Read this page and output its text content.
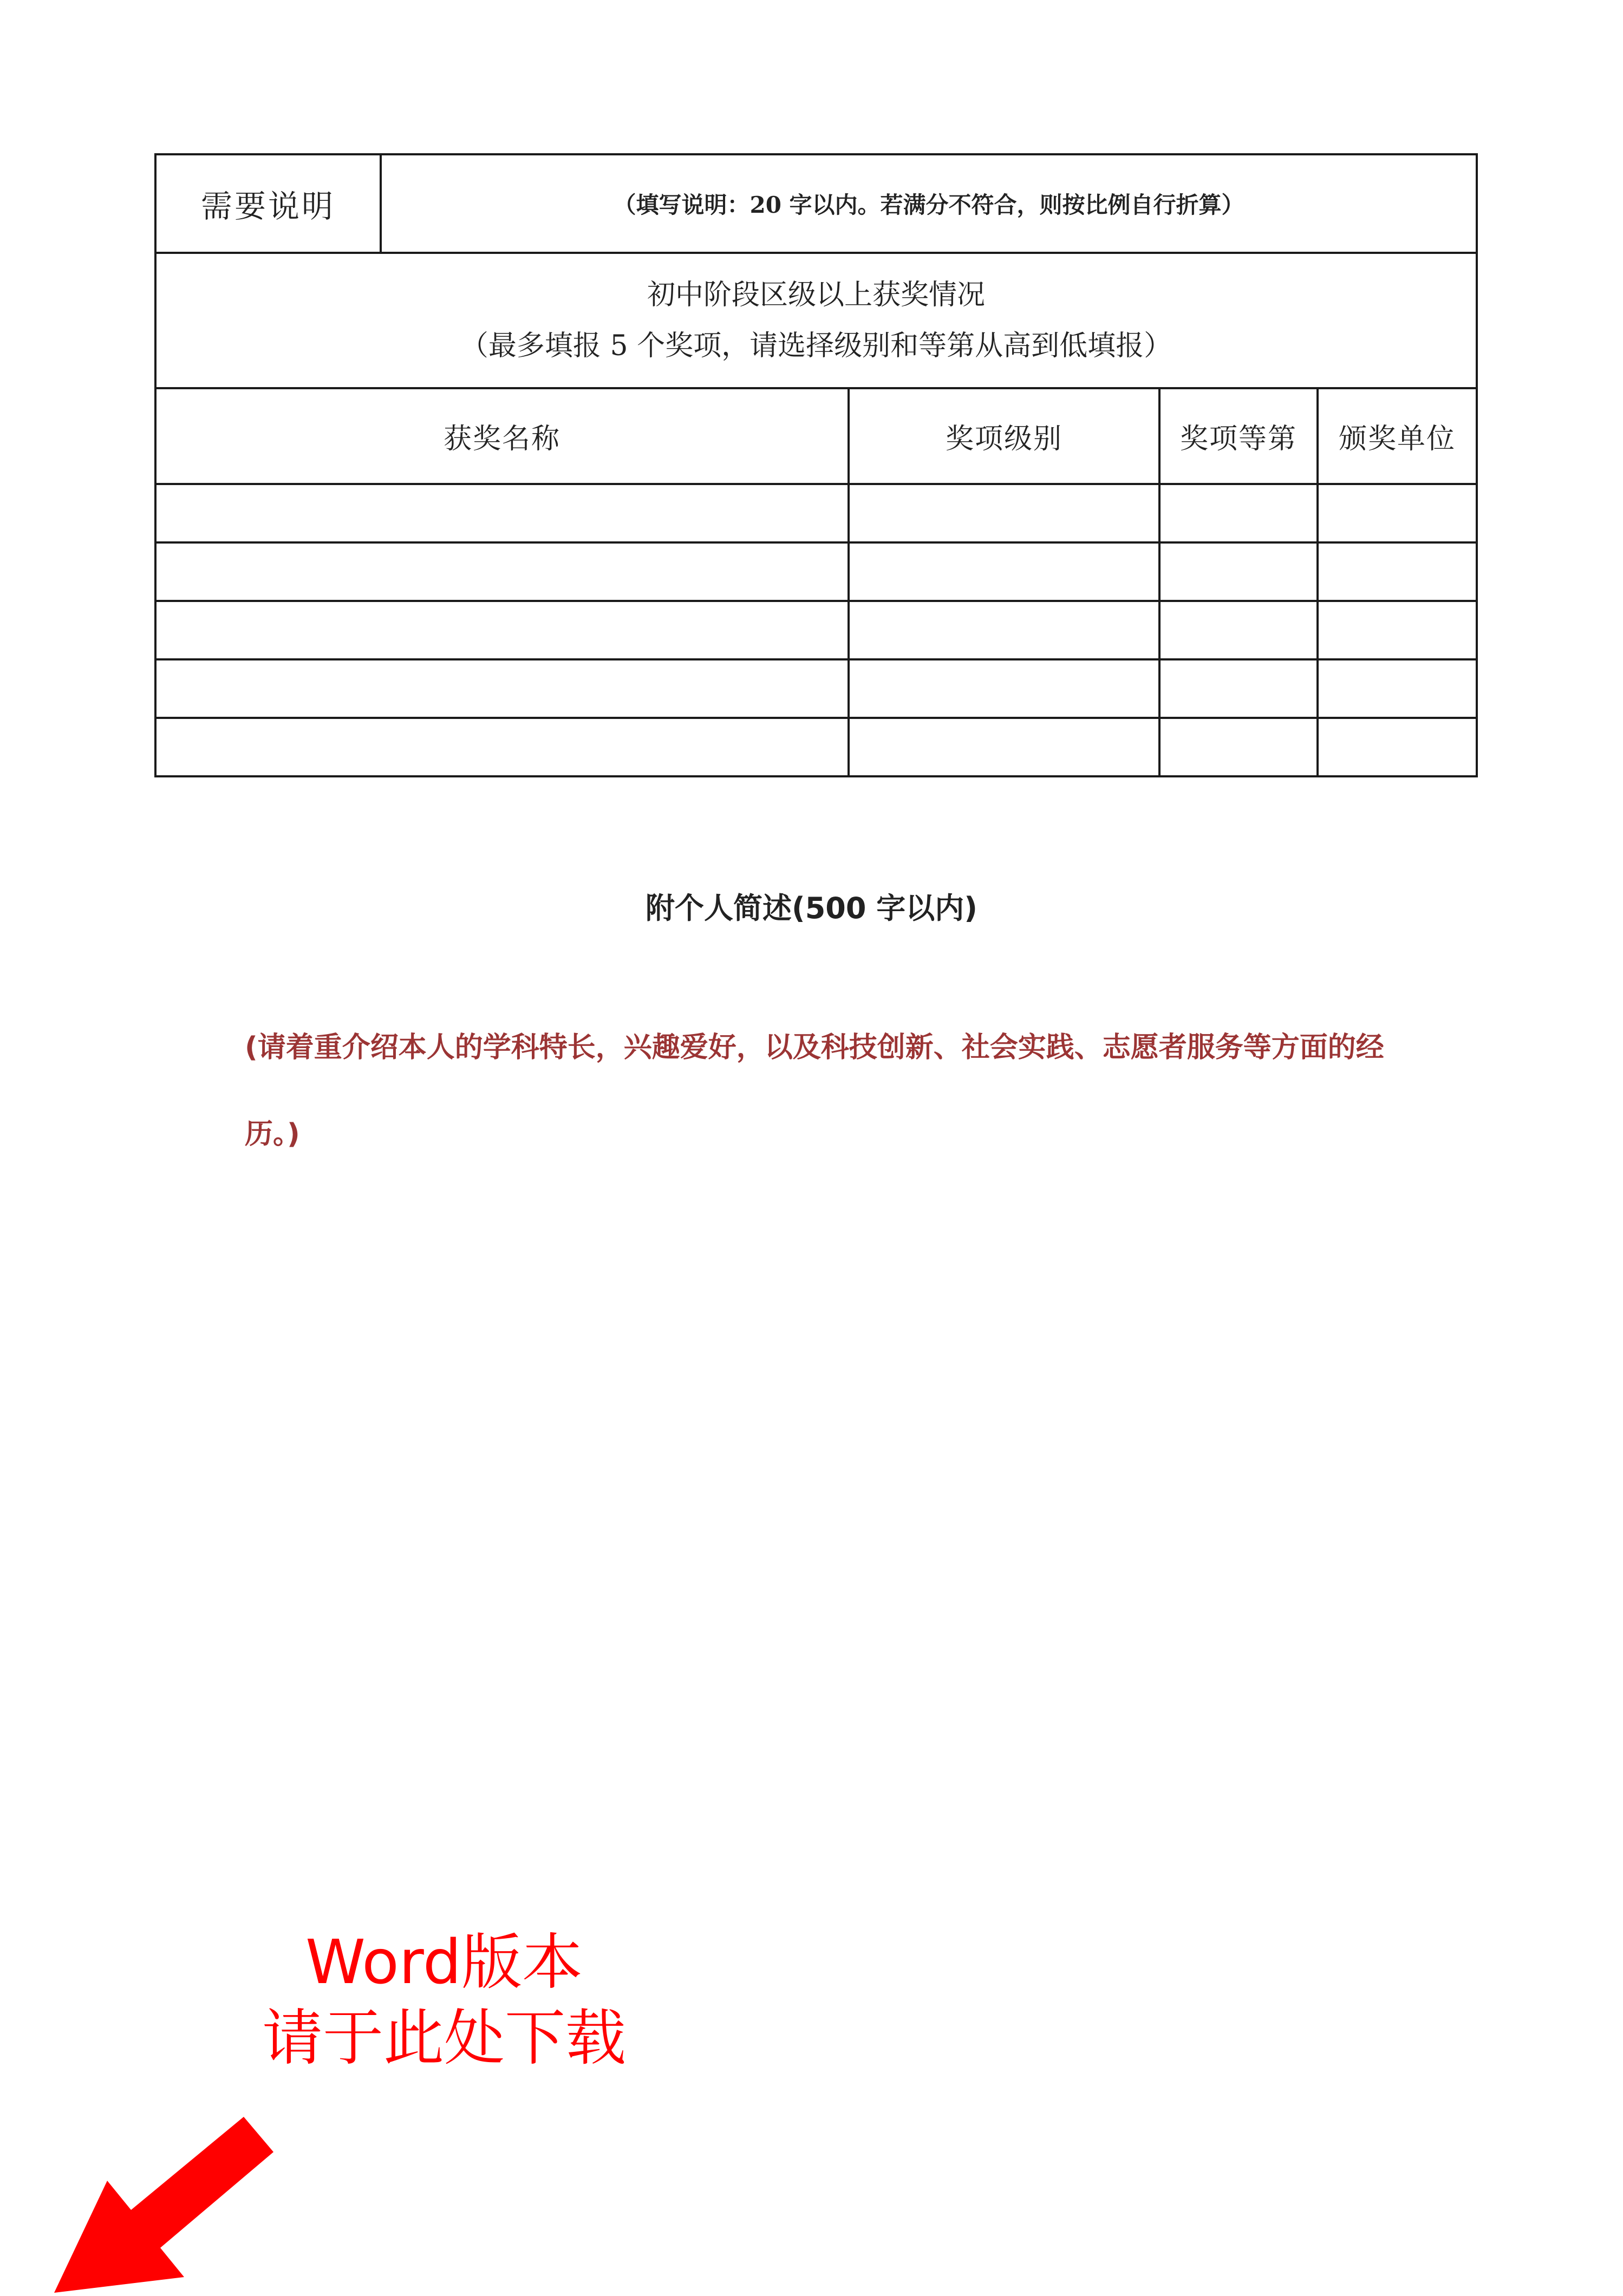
需要说明	（填写说明：20 字以内。若满分不符合，则按比例自行折算）			

初中阶段区级以上获奖情况
（最多填报 5 个奖项，请选择级别和等第从高到低填报）				

获奖名称		奖项级别	奖项等第	颁奖单位

附个人简述(500 字以内)
(请着重介绍本人的学科特长，兴趣爱好，以及科技创新、社会实践、志愿者服务等方面的经历。)
Word版本
请于此处下载
